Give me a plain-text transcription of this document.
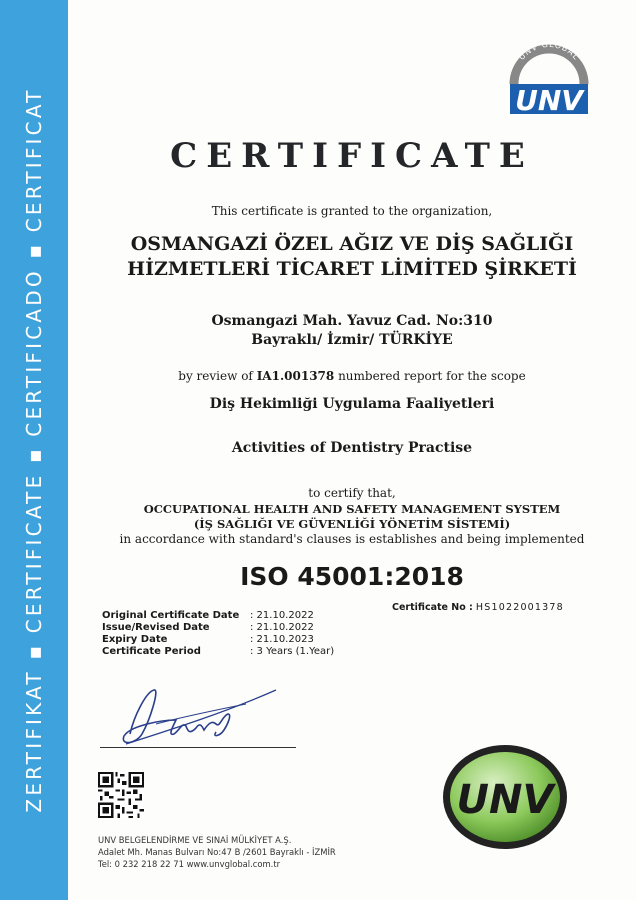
ZERTIFIKAT ▪ CERTIFICATE ▪ CERTIFICADO ▪ CERTIFICAT
UNV GLOBAL
UNV
CERTIFICATE
This certificate is granted to the organization,
OSMANGAZİ ÖZEL AĞIZ VE DİŞ SAĞLIĞI
HİZMETLERİ TİCARET LİMİTED ŞİRKETİ
Osmangazi Mah. Yavuz Cad. No:310
Bayraklı/ İzmir/ TÜRKİYE
by review of IA1.001378 numbered report for the scope
Diş Hekimliği Uygulama Faaliyetleri
Activities of Dentistry Practise
to certify that,
OCCUPATIONAL HEALTH AND SAFETY MANAGEMENT SYSTEM
(İŞ SAĞLIĞI VE GÜVENLİĞİ YÖNETİM SİSTEMİ)
in accordance with standard's clauses is establishes and being implemented
ISO 45001:2018
Certificate No : HS1022001378
Original Certificate Date	: 21.10.2022
Issue/Revised Date	: 21.10.2022
Expiry Date	: 21.10.2023
Certificate Period	: 3 Years (1.Year)
UNV
UNV BELGELENDİRME VE SINAİ MÜLKİYET A.Ş.
Adalet Mh. Manas Bulvarı No:47 B /2601 Bayraklı - İZMİR
Tel: 0 232 218 22 71 www.unvglobal.com.tr
